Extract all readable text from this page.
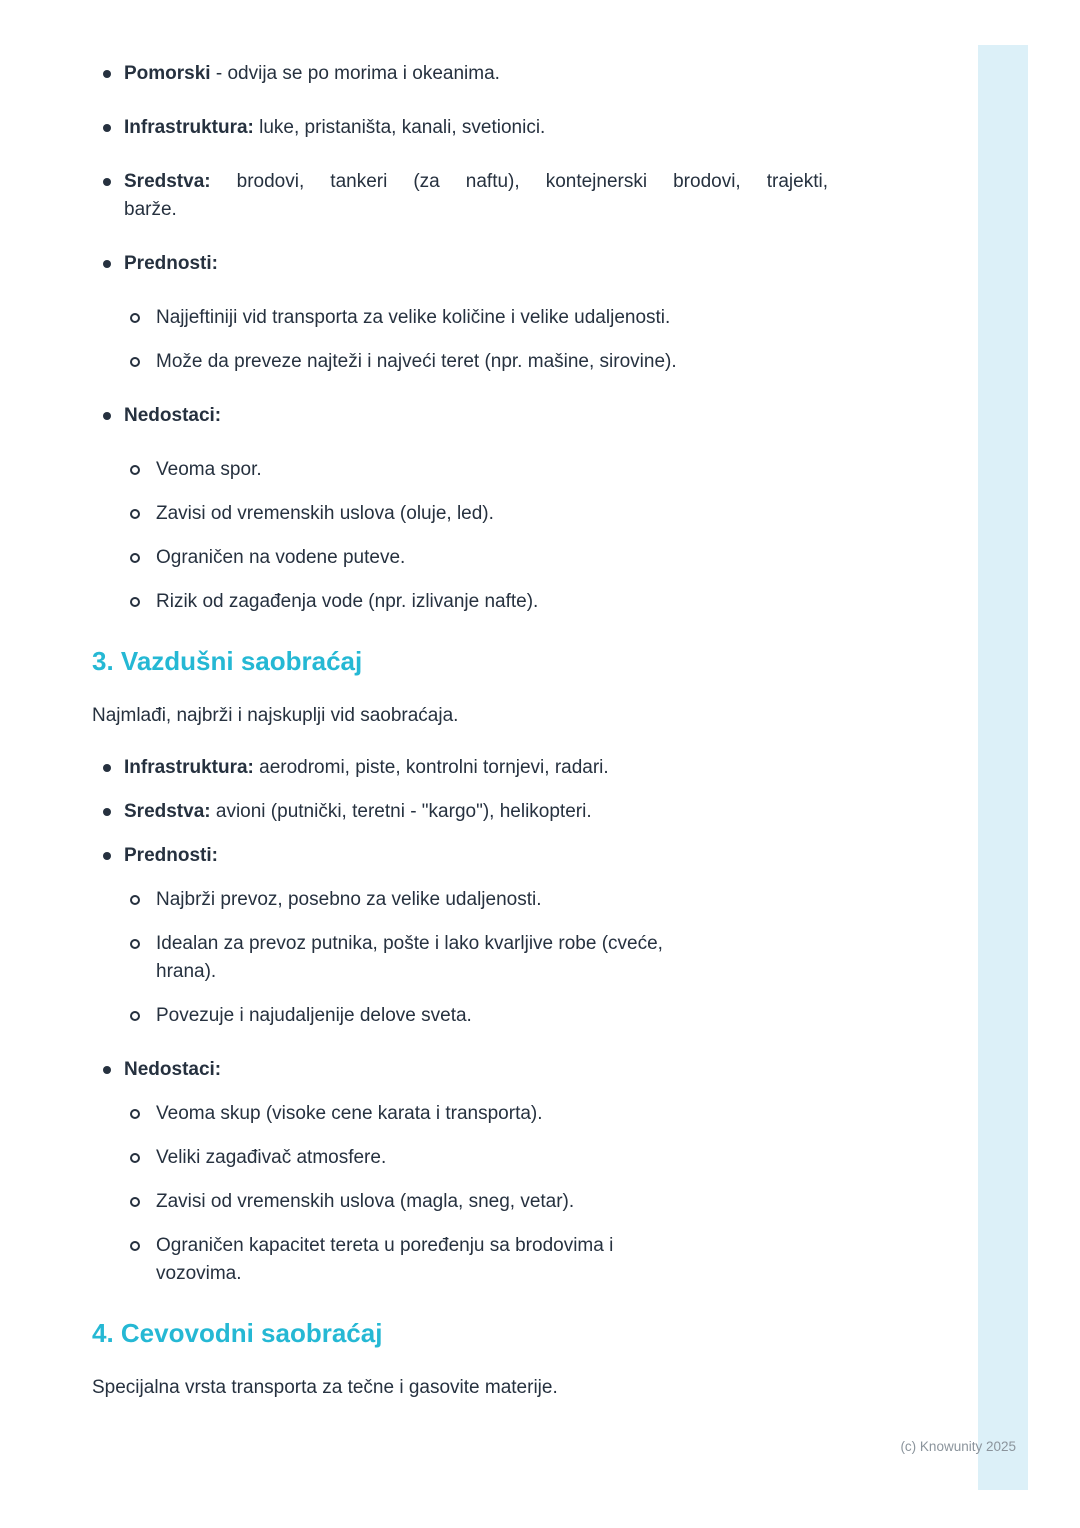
Pomorski - odvija se po morima i okeanima.
Infrastruktura: luke, pristaništa, kanali, svetionici.
Sredstva: brodovi, tankeri (za naftu), kontejnerski brodovi, trajekti,
barže.
Prednosti:
Najjeftiniji vid transporta za velike količine i velike udaljenosti.
Može da preveze najteži i najveći teret (npr. mašine, sirovine).
Nedostaci:
Veoma spor.
Zavisi od vremenskih uslova (oluje, led).
Ograničen na vodene puteve.
Rizik od zagađenja vode (npr. izlivanje nafte).
3. Vazdušni saobraćaj

Najmlađi, najbrži i najskuplji vid saobraćaja.

Infrastruktura: aerodromi, piste, kontrolni tornjevi, radari.
Sredstva: avioni (putnički, teretni - "kargo"), helikopteri.
Prednosti:
Najbrži prevoz, posebno za velike udaljenosti.
Idealan za prevoz putnika, pošte i lako kvarljive robe (cveće,
hrana).
Povezuje i najudaljenije delove sveta.
Nedostaci:
Veoma skup (visoke cene karata i transporta).
Veliki zagađivač atmosfere.
Zavisi od vremenskih uslova (magla, sneg, vetar).
Ograničen kapacitet tereta u poređenju sa brodovima i
vozovima.
4. Cevovodni saobraćaj

Specijalna vrsta transporta za tečne i gasovite materije.

(c) Knowunity 2025
